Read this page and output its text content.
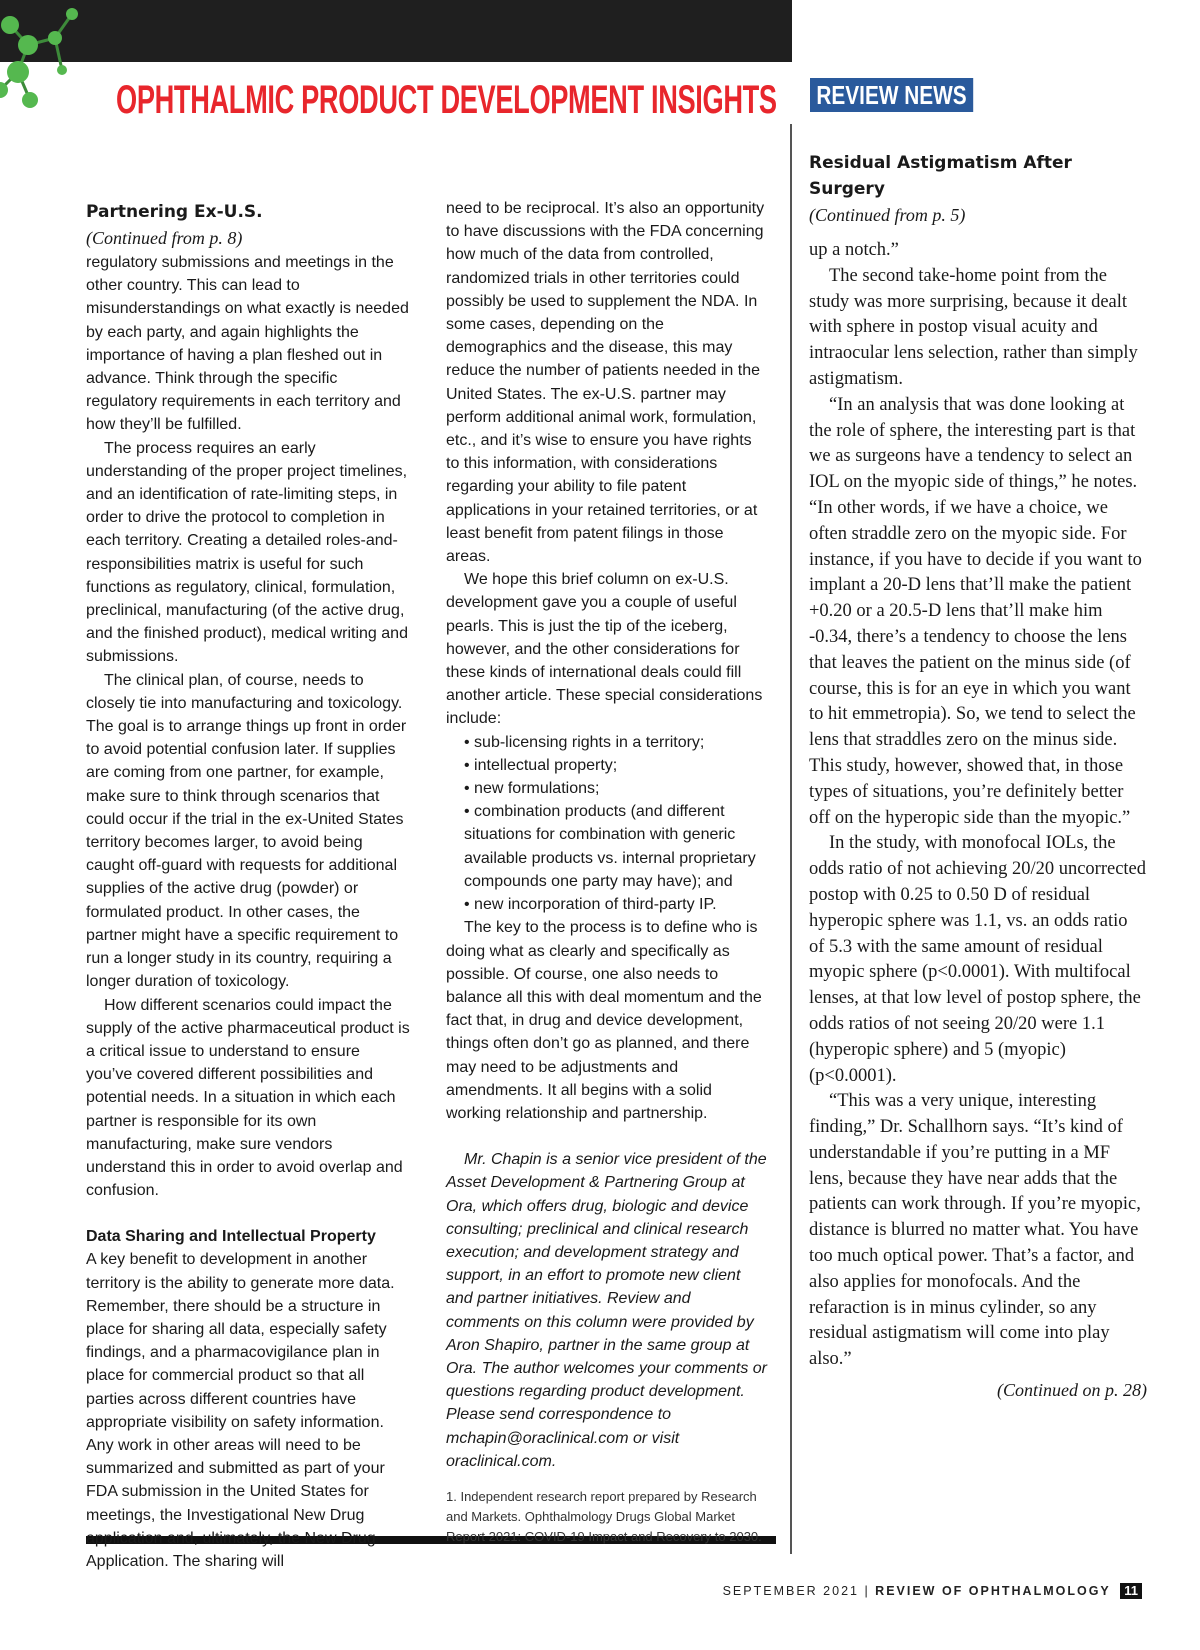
OPHTHALMIC PRODUCT DEVELOPMENT INSIGHTS REVIEW NEWS

Partnering Ex-U.S.

(Continued from p. 8)

regulatory submissions and meetings in the other country. This can lead to misunderstandings on what exactly is needed by each party, and again highlights the importance of having a plan fleshed out in advance. Think through the specific regulatory requirements in each territory and how they’ll be fulfilled.

The process requires an early understanding of the proper project timelines, and an identification of rate-limiting steps, in order to drive the protocol to completion in each territory. Creating a detailed roles-and-responsibilities matrix is useful for such functions as regulatory, clinical, formulation, preclinical, manufacturing (of the active drug, and the finished product), medical writing and submissions.

The clinical plan, of course, needs to closely tie into manufacturing and toxicology. The goal is to arrange things up front in order to avoid potential confusion later. If supplies are coming from one partner, for example, make sure to think through scenarios that could occur if the trial in the ex-United States territory becomes larger, to avoid being caught off-guard with requests for additional supplies of the active drug (powder) or formulated product. In other cases, the partner might have a specific requirement to run a longer study in its country, requiring a longer duration of toxicology.

How different scenarios could impact the supply of the active pharmaceutical product is a critical issue to understand to ensure you’ve covered different possibilities and potential needs. In a situation in which each partner is responsible for its own manufacturing, make sure vendors understand this in order to avoid overlap and confusion.

Data Sharing and Intellectual Property

A key benefit to development in another territory is the ability to generate more data. Remember, there should be a structure in place for sharing all data, especially safety findings, and a pharmacovigilance plan in place for commercial product so that all parties across different countries have appropriate visibility on safety information. Any work in other areas will need to be summarized and submitted as part of your FDA submission in the United States for meetings, the Investigational New Drug application and, ultimately, the New Drug Application. The sharing will

need to be reciprocal. It’s also an opportunity to have discussions with the FDA concerning how much of the data from controlled, randomized trials in other territories could possibly be used to supplement the NDA. In some cases, depending on the demographics and the disease, this may reduce the number of patients needed in the United States. The ex-U.S. partner may perform additional animal work, formulation, etc., and it’s wise to ensure you have rights to this information, with considerations regarding your ability to file patent applications in your retained territories, or at least benefit from patent filings in those areas.

We hope this brief column on ex-U.S. development gave you a couple of useful pearls. This is just the tip of the iceberg, however, and the other considerations for these kinds of international deals could fill another article. These special considerations include:

• sub-licensing rights in a territory;

• intellectual property;

• new formulations;

• combination products (and different situations for combination with generic available products vs. internal proprietary compounds one party may have); and

• new incorporation of third-party IP.

The key to the process is to define who is doing what as clearly and specifically as possible. Of course, one also needs to balance all this with deal momentum and the fact that, in drug and device development, things often don’t go as planned, and there may need to be adjustments and amendments. It all begins with a solid working relationship and partnership.

Mr. Chapin is a senior vice president of the Asset Development & Partnering Group at Ora, which offers drug, biologic and device consulting; preclinical and clinical research execution; and development strategy and support, in an effort to promote new client and partner initiatives. Review and comments on this column were provided by Aron Shapiro, partner in the same group at Ora. The author welcomes your comments or questions regarding product development. Please send correspondence to mchapin@oraclinical.com or visit oraclinical.com.

1. Independent research report prepared by Research and Markets. Ophthalmology Drugs Global Market Report 2021: COVID-19 Impact and Recovery to 2030.

Residual Astigmatism After Surgery

(Continued from p. 5)

up a notch.”

The second take-home point from the study was more surprising, because it dealt with sphere in postop visual acuity and intraocular lens selection, rather than simply astigmatism.

“In an analysis that was done looking at the role of sphere, the interesting part is that we as surgeons have a tendency to select an IOL on the myopic side of things,” he notes. “In other words, if we have a choice, we often straddle zero on the myopic side. For instance, if you have to decide if you want to implant a 20-D lens that’ll make the patient +0.20 or a 20.5-D lens that’ll make him -0.34, there’s a tendency to choose the lens that leaves the patient on the minus side (of course, this is for an eye in which you want to hit emmetropia). So, we tend to select the lens that straddles zero on the minus side. This study, however, showed that, in those types of situations, you’re definitely better off on the hyperopic side than the myopic.”

In the study, with monofocal IOLs, the odds ratio of not achieving 20/20 uncorrected postop with 0.25 to 0.50 D of residual hyperopic sphere was 1.1, vs. an odds ratio of 5.3 with the same amount of residual myopic sphere (p<0.0001). With multifocal lenses, at that low level of postop sphere, the odds ratios of not seeing 20/20 were 1.1 (hyperopic sphere) and 5 (myopic)(p<0.0001).

“This was a very unique, interesting finding,” Dr. Schallhorn says. “It’s kind of understandable if you’re putting in a MF lens, because they have near adds that the patients can work through. If you’re myopic, distance is blurred no matter what. You have too much optical power. That’s a factor, and also applies for monofocals. And the refaraction is in minus cylinder, so any residual astigmatism will come into play also.”

(Continued on p. 28)

SEPTEMBER 2021 | REVIEW OF OPHTHALMOLOGY 11
